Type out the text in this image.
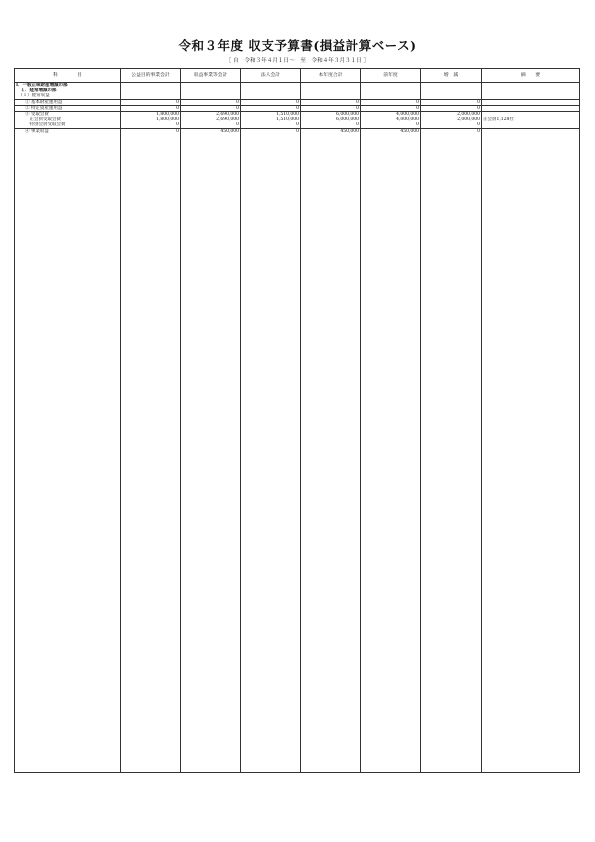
令和３年度 収支予算書(損益計算ベース)
［ 自　令和３年４月１日～　至　令和４年３月３１日 ］
科　　　　目	公益目的事業会計	収益事業等会計	法人会計	本年度合計	前年度	増　減	摘　　要
Ⅰ．一般正味財産増減の部							
　１．経常増減の部							
　（１）経常収益							
　　① 基本財産運用益	0	0	0	0	0	0	
　　② 特定資産運用益	0	0	0	0	0	0	
　　③ 受取会費	1,800,000	2,690,000	1,510,000	6,000,000	4,000,000	2,000,000	
　　　正会員受取会費	1,800,000	2,690,000	1,510,000	6,000,000	4,000,000	2,000,000	正会員1,128社
　　　特別会員受取会費	0	0	0	0	0	0	
　　④ 事業収益	0	450,000	0	450,000	450,000	0	
